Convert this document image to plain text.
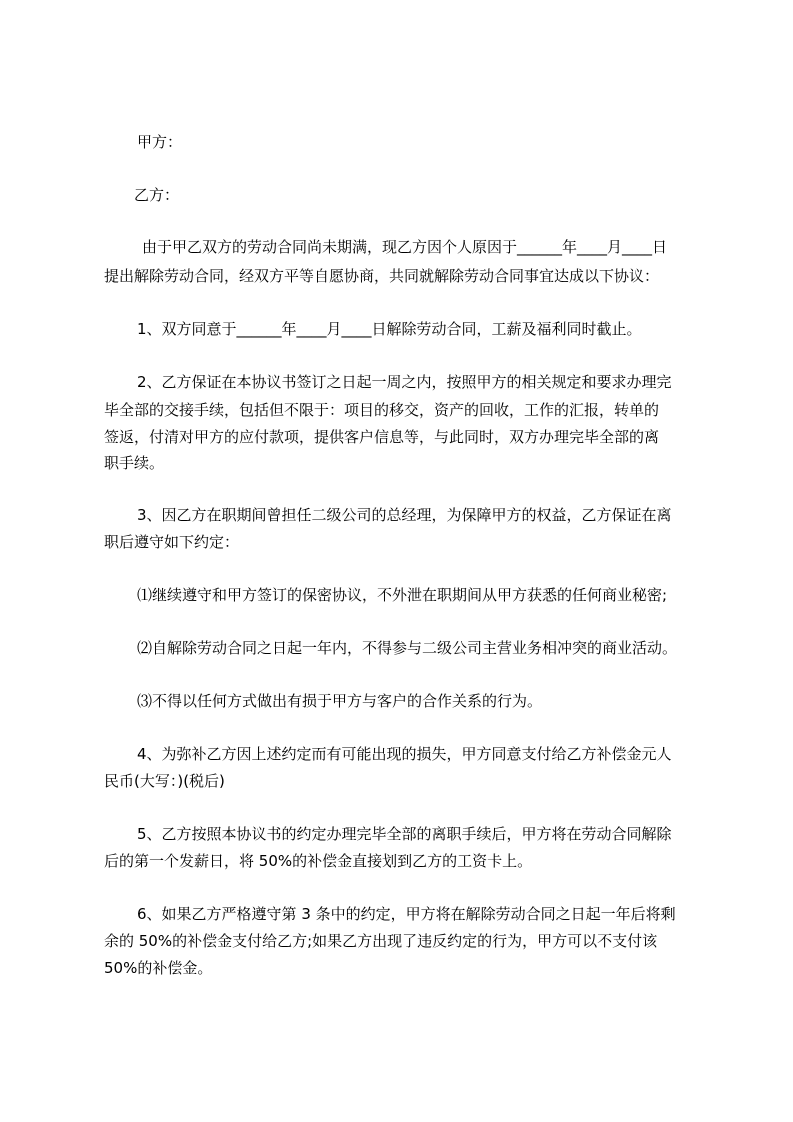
甲方：
乙方：
由于甲乙双方的劳动合同尚未期满，现乙方因个人原因于______年____月____日
提出解除劳动合同，经双方平等自愿协商，共同就解除劳动合同事宜达成以下协议：
1、双方同意于______年____月____日解除劳动合同，工薪及福利同时截止。
2、乙方保证在本协议书签订之日起一周之内，按照甲方的相关规定和要求办理完
毕全部的交接手续，包括但不限于：项目的移交，资产的回收，工作的汇报，转单的
签返，付清对甲方的应付款项，提供客户信息等，与此同时，双方办理完毕全部的离
职手续。
3、因乙方在职期间曾担任二级公司的总经理，为保障甲方的权益，乙方保证在离
职后遵守如下约定：
⑴继续遵守和甲方签订的保密协议，不外泄在职期间从甲方获悉的任何商业秘密;
⑵自解除劳动合同之日起一年内，不得参与二级公司主营业务相冲突的商业活动。
⑶不得以任何方式做出有损于甲方与客户的合作关系的行为。
4、为弥补乙方因上述约定而有可能出现的损失，甲方同意支付给乙方补偿金元人
民币(大写：)(税后)
5、乙方按照本协议书的约定办理完毕全部的离职手续后，甲方将在劳动合同解除
后的第一个发薪日，将 50%的补偿金直接划到乙方的工资卡上。
6、如果乙方严格遵守第 3 条中的约定，甲方将在解除劳动合同之日起一年后将剩
余的 50%的补偿金支付给乙方;如果乙方出现了违反约定的行为，甲方可以不支付该
50%的补偿金。
